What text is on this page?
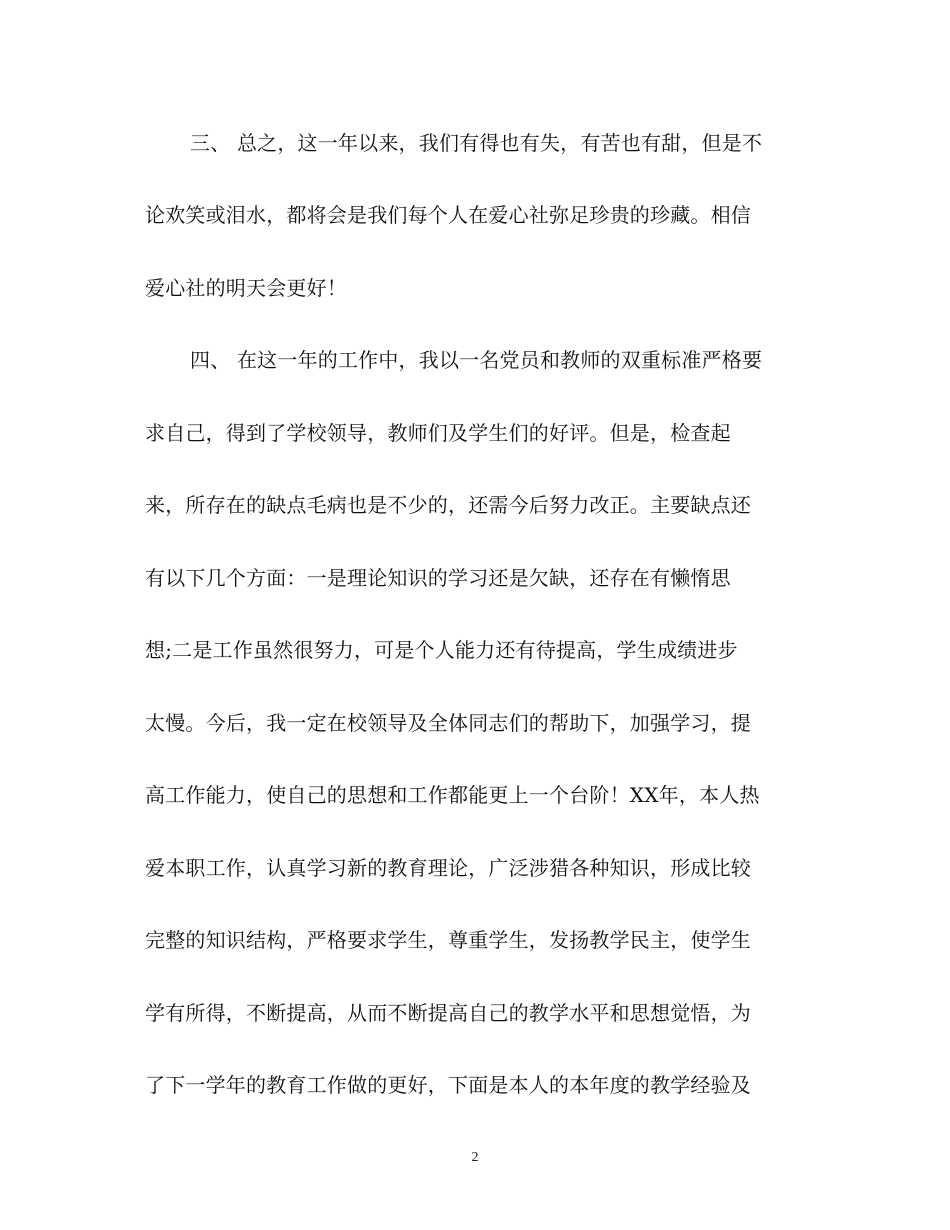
三、 总之，这一年以来，我们有得也有失，有苦也有甜，但是不
论欢笑或泪水，都将会是我们每个人在爱心社弥足珍贵的珍藏。相信
爱心社的明天会更好！
四、 在这一年的工作中，我以一名党员和教师的双重标准严格要
求自己，得到了学校领导，教师们及学生们的好评。但是，检查起
来，所存在的缺点毛病也是不少的，还需今后努力改正。主要缺点还
有以下几个方面：一是理论知识的学习还是欠缺，还存在有懒惰思
想;二是工作虽然很努力，可是个人能力还有待提高，学生成绩进步
太慢。今后，我一定在校领导及全体同志们的帮助下，加强学习，提
高工作能力，使自己的思想和工作都能更上一个台阶！XX年，本人热
爱本职工作，认真学习新的教育理论，广泛涉猎各种知识，形成比较
完整的知识结构，严格要求学生，尊重学生，发扬教学民主，使学生
学有所得，不断提高，从而不断提高自己的教学水平和思想觉悟，为
了下一学年的教育工作做的更好，下面是本人的本年度的教学经验及
2
